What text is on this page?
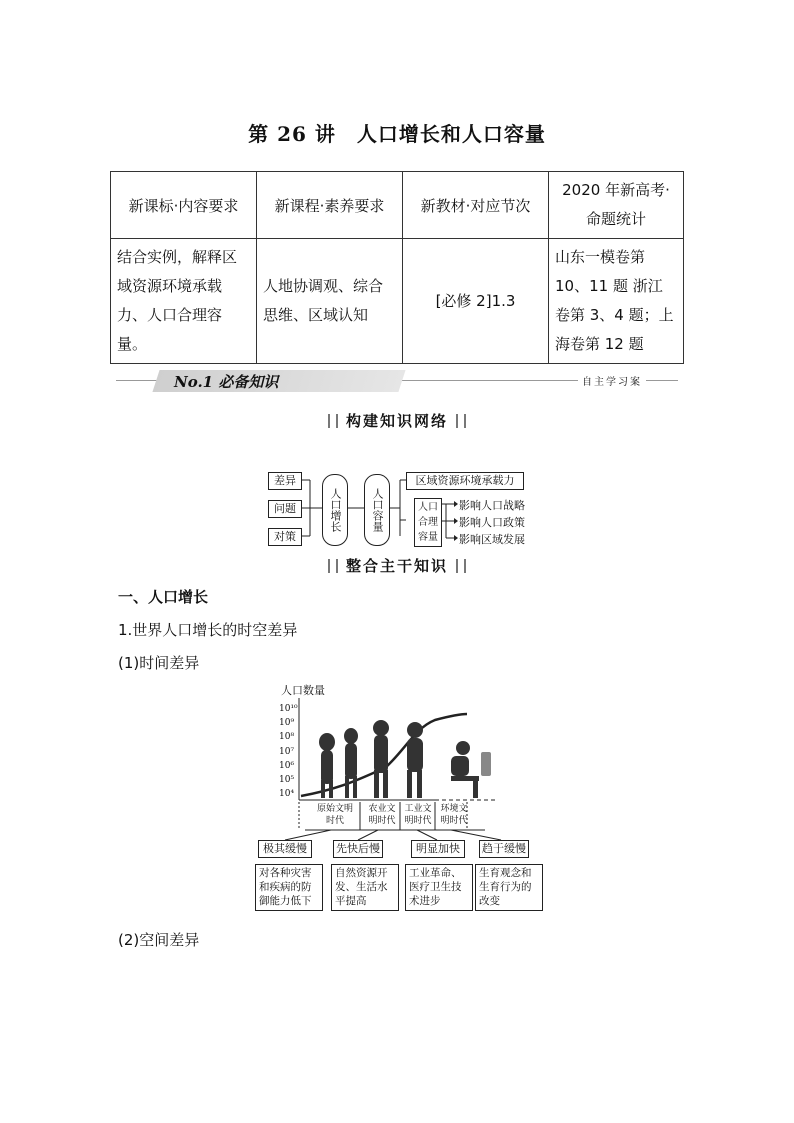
第 26 讲　人口增长和人口容量
新课标·内容要求	新课程·素养要求	新教材·对应节次	2020 年新高考·命题统计
结合实例，解释区域资源环境承载力、人口合理容量。	人地协调观、综合思维、区域认知	[必修 2]1.3	山东一模卷第 10、11 题 浙江卷第 3、4 题；上海卷第 12 题
No.1 必备知识	自主学习案
构建知识网络
差异
问题
对策
人口增长	人口容量
区域资源环境承载力
人口合理容量
影响人口战略
影响人口政策
影响区域发展
整合主干知识
一、人口增长
1.世界人口增长的时空差异
(1)时间差异
人口数量
10¹⁰
10⁹
10⁸
10⁷
10⁶
10⁵
10⁴
原始文明时代
农业文明时代
工业文明时代
环境文明时代
极其缓慢	先快后慢	明显加快	趋于缓慢
对各种灾害和疾病的防御能力低下
自然资源开发、生活水平提高
工业革命、医疗卫生技术进步
生育观念和生育行为的改变
(2)空间差异
